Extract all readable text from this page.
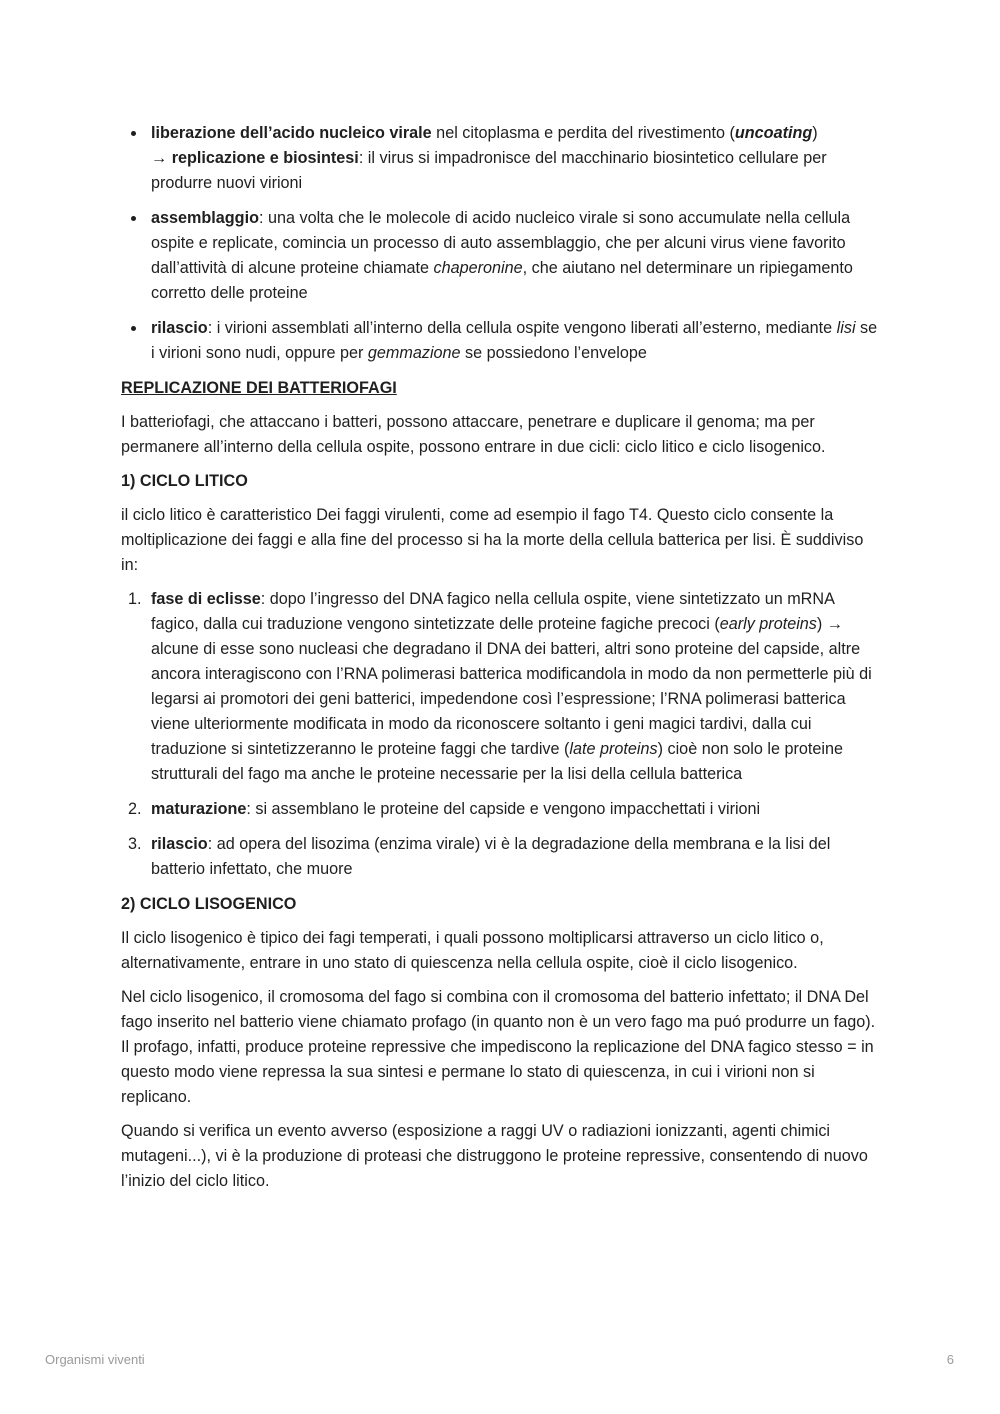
liberazione dell’acido nucleico virale nel citoplasma e perdita del rivestimento (uncoating)
→ replicazione e biosintesi: il virus si impadronisce del macchinario biosintetico cellulare per produrre nuovi virioni
assemblaggio: una volta che le molecole di acido nucleico virale si sono accumulate nella cellula ospite e replicate, comincia un processo di auto assemblaggio, che per alcuni virus viene favorito dall’attività di alcune proteine chiamate chaperonine, che aiutano nel determinare un ripiegamento corretto delle proteine
rilascio: i virioni assemblati all’interno della cellula ospite vengono liberati all’esterno, mediante lisi se i virioni sono nudi, oppure per gemmazione se possiedono l’envelope
REPLICAZIONE DEI BATTERIOFAGI

I batteriofagi, che attaccano i batteri, possono attaccare, penetrare e duplicare il genoma; ma per permanere all’interno della cellula ospite, possono entrare in due cicli: ciclo litico e ciclo lisogenico.

1) CICLO LITICO

il ciclo litico è caratteristico Dei faggi virulenti, come ad esempio il fago T4. Questo ciclo consente la moltiplicazione dei faggi e alla fine del processo si ha la morte della cellula batterica per lisi. È suddiviso in:

1. fase di eclisse: dopo l’ingresso del DNA fagico nella cellula ospite, viene sintetizzato un mRNA fagico, dalla cui traduzione vengono sintetizzate delle proteine fagiche precoci (early proteins) → alcune di esse sono nucleasi che degradano il DNA dei batteri, altri sono proteine del capside, altre ancora interagiscono con l’RNA polimerasi batterica modificandola in modo da non permetterle più di legarsi ai promotori dei geni batterici, impedendone così l’espressione; l’RNA polimerasi batterica viene ulteriormente modificata in modo da riconoscere soltanto i geni magici tardivi, dalla cui traduzione si sintetizzeranno le proteine faggi che tardive (late proteins) cioè non solo le proteine strutturali del fago ma anche le proteine necessarie per la lisi della cellula batterica
2. maturazione: si assemblano le proteine del capside e vengono impacchettati i virioni
3. rilascio: ad opera del lisozima (enzima virale) vi è la degradazione della membrana e la lisi del batterio infettato, che muore
2) CICLO LISOGENICO

Il ciclo lisogenico è tipico dei fagi temperati, i quali possono moltiplicarsi attraverso un ciclo litico o, alternativamente, entrare in uno stato di quiescenza nella cellula ospite, cioè il ciclo lisogenico.

Nel ciclo lisogenico, il cromosoma del fago si combina con il cromosoma del batterio infettato; il DNA Del fago inserito nel batterio viene chiamato profago (in quanto non è un vero fago ma puó produrre un fago). Il profago, infatti, produce proteine repressive che impediscono la replicazione del DNA fagico stesso = in questo modo viene repressa la sua sintesi e permane lo stato di quiescenza, in cui i virioni non si replicano.

Quando si verifica un evento avverso (esposizione a raggi UV o radiazioni ionizzanti, agenti chimici mutageni...), vi è la produzione di proteasi che distruggono le proteine repressive, consentendo di nuovo l’inizio del ciclo litico.

Organismi viventi	6
